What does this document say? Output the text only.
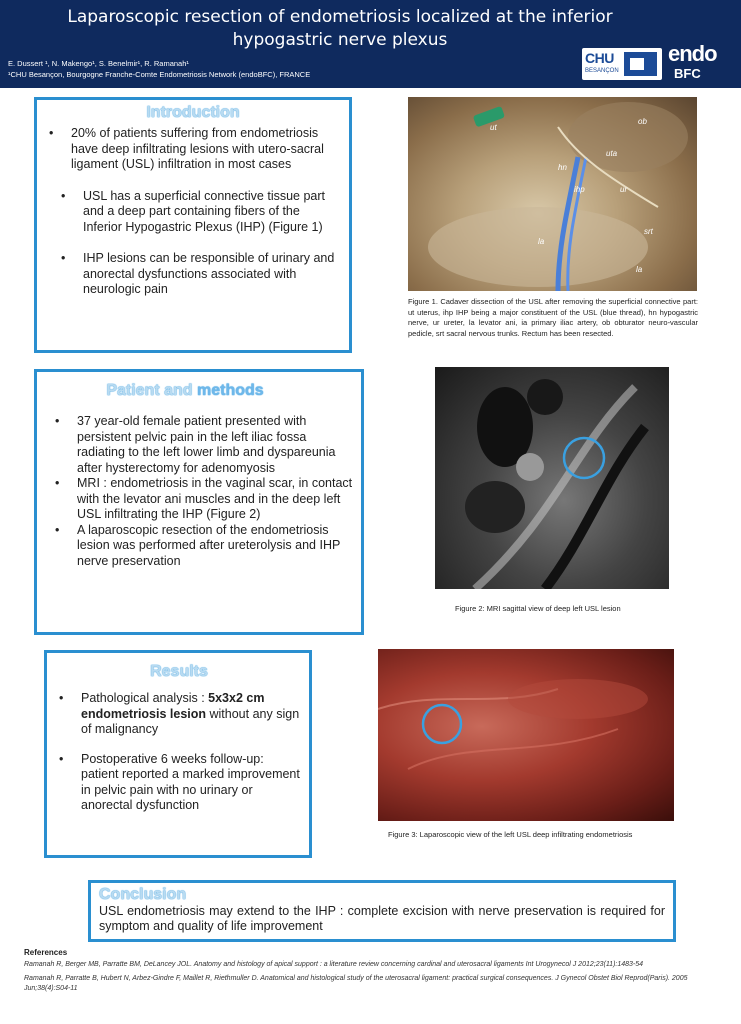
Laparoscopic resection of endometriosis localized at the inferior
hypogastric nerve plexus
E. Dussert ¹, N. Makengo¹, S. Benelmir¹, R. Ramanah¹
¹CHU Besançon, Bourgogne Franche-Comte Endometriosis Network (endoBFC), FRANCE
CHU
BESANÇON
endo
BFC
Introduction
• 20% of patients suffering from endometriosis have deep infiltrating lesions with utero-sacral ligament (USL) infiltration in most cases
• USL has a superficial connective tissue part and a deep part containing fibers of the Inferior Hypogastric Plexus (IHP) (Figure 1)
• IHP lesions can be responsible of urinary and anorectal dysfunctions associated with neurologic pain
Patient and methods
• 37 year-old female patient presented with persistent pelvic pain in the left iliac fossa radiating to the left lower limb and dyspareunia after hysterectomy for adenomyosis
• MRI : endometriosis in the vaginal scar, in contact with the levator ani muscles and in the deep left USL infiltrating the IHP (Figure 2)
• A laparoscopic resection of the endometriosis lesion was performed after ureterolysis and IHP nerve preservation
Results
• Pathological analysis : 5x3x2 cm endometriosis lesion without any sign of malignancy
• Postoperative 6 weeks follow-up: patient reported a marked improvement in pelvic pain with no urinary or anorectal dysfunction
Conclusion
USL endometriosis may extend to the IHP : complete excision with nerve preservation is required for symptom and quality of life improvement
ut
ob
uta
hn
ihp	ur
srt
la
la
Figure 1. Cadaver dissection of the USL after removing the superficial connective part: ut uterus, ihp IHP being a major constituent of the USL (blue thread), hn hypogastric nerve, ur ureter, la levator ani, ia primary iliac artery, ob obturator neuro-vascular pedicle, srt sacral nervous trunks. Rectum has been resected.
Figure 2: MRI sagittal view of deep left USL lesion
Figure 3: Laparoscopic view of the left USL deep infiltrating endometriosis
References
Ramanah R, Berger MB, Parratte BM, DeLancey JOL. Anatomy and histology of apical support : a literature review concerning cardinal and uterosacral ligaments Int Urogynecol J 2012;23(11):1483-54
Ramanah R, Parratte B, Hubert N, Arbez-Gindre F, Maillet R, Riethmuller D. Anatomical and histological study of the uterosacral ligament: practical surgical consequences. J Gynecol Obstet Biol Reprod(Paris). 2005 Jun;38(4):S04-11
